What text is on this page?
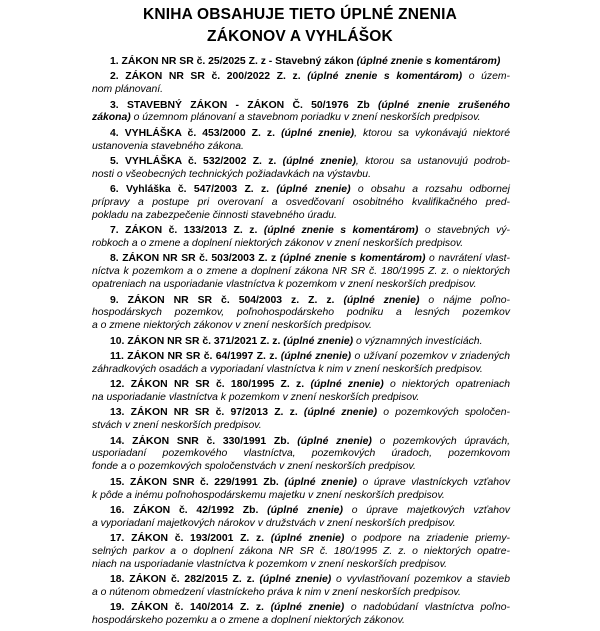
KNIHA OBSAHUJE TIETO ÚPLNÉ ZNENIA
ZÁKONOV A VYHLÁŠOK
1. ZÁKON NR SR č. 25/2025 Z. z - Stavebný zákon (úplné znenie s komentárom)
2. ZÁKON NR SR č. 200/2022 Z. z. (úplné znenie s komentárom) o územ-
nom plánovaní.
3. STAVEBNÝ ZÁKON - ZÁKON Č. 50/1976 Zb (úplné znenie zrušeného
zákona) o územnom plánovaní a stavebnom poriadku v znení neskorších predpisov.
4. VYHLÁŠKA č. 453/2000 Z. z. (úplné znenie), ktorou sa vykonávajú niektoré
ustanovenia stavebného zákona.
5. VYHLÁŠKA č. 532/2002 Z. z. (úplné znenie), ktorou sa ustanovujú podrob-
nosti o všeobecných technických požiadavkách na výstavbu.
6. Vyhláška č. 547/2003 Z. z. (úplné znenie) o obsahu a rozsahu odbornej
prípravy a postupe pri overovaní a osvedčovaní osobitného kvalifikačného pred-
pokladu na zabezpečenie činnosti stavebného úradu.
7. ZÁKON č. 133/2013 Z. z. (úplné znenie s komentárom) o stavebných vý-
robkoch a o zmene a doplnení niektorých zákonov v znení neskorších predpisov.
8. ZÁKON NR SR č. 503/2003 Z. z (úplné znenie s komentárom) o navrátení vlast-
níctva k pozemkom a o zmene a doplnení zákona NR SR č. 180/1995 Z. z. o niektorých
opatreniach na usporiadanie vlastníctva k pozemkom v znení neskorších predpisov.
9. ZÁKON NR SR č. 504/2003 z. Z. z. (úplné znenie) o nájme poľno-
hospodárskych pozemkov, poľnohospodárskeho podniku a lesných pozemkov
a o zmene niektorých zákonov v znení neskorších predpisov.
10. ZÁKON NR SR č. 371/2021 Z. z. (úplné znenie) o významných investíciách.
11. ZÁKON NR SR č. 64/1997 Z. z. (úplné znenie) o užívaní pozemkov v zriadených
záhradkových osadách a vyporiadaní vlastníctva k nim v znení neskorších predpisov.
12. ZÁKON NR SR č. 180/1995 Z. z. (úplné znenie) o niektorých opatreniach
na usporiadanie vlastníctva k pozemkom v znení neskorších predpisov.
13. ZÁKON NR SR č. 97/2013 Z. z. (úplné znenie) o pozemkových spoločen-
stvách v znení neskorších predpisov.
14. ZÁKON SNR č. 330/1991 Zb. (úplné znenie) o pozemkových úpravách,
usporiadaní pozemkového vlastníctva, pozemkových úradoch, pozemkovom
fonde a o pozemkových spoločenstvách v znení neskorších predpisov.
15. ZÁKON SNR č. 229/1991 Zb. (úplné znenie) o úprave vlastníckych vzťahov
k pôde a inému poľnohospodárskemu majetku v znení neskorších predpisov.
16. ZÁKON č. 42/1992 Zb. (úplné znenie) o úprave majetkových vzťahov
a vyporiadaní majetkových nárokov v družstvách v znení neskorších predpisov.
17. ZÁKON č. 193/2001 Z. z. (úplné znenie) o podpore na zriadenie priemy-
selných parkov a o doplnení zákona NR SR č. 180/1995 Z. z. o niektorých opatre-
niach na usporiadanie vlastníctva k pozemkom v znení neskorších predpisov.
18. ZÁKON č. 282/2015 Z. z. (úplné znenie) o vyvlastňovaní pozemkov a stavieb
a o nútenom obmedzení vlastníckeho práva k nim v znení neskorších predpisov.
19. ZÁKON č. 140/2014 Z. z. (úplné znenie) o nadobúdaní vlastníctva poľno-
hospodárskeho pozemku a o zmene a doplnení niektorých zákonov.
